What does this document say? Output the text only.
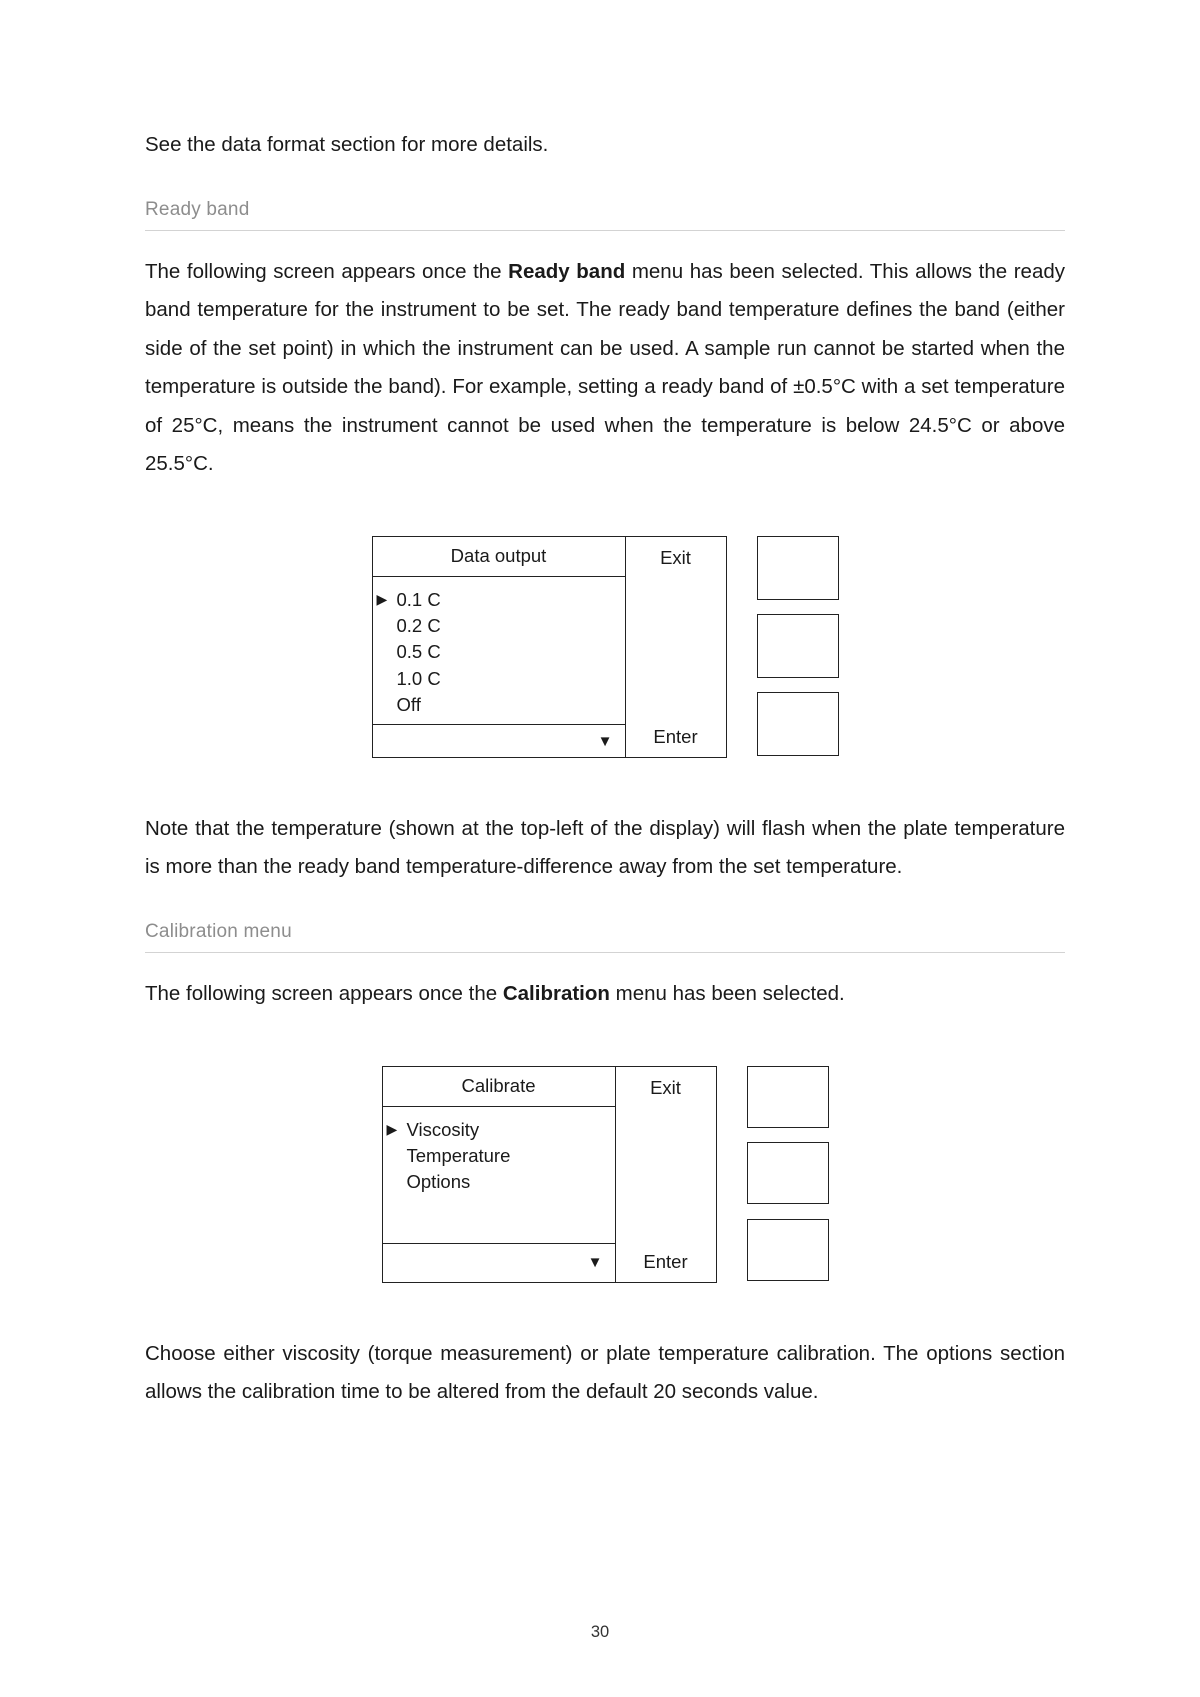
See the data format section for more details.

Ready band

The following screen appears once the Ready band menu has been selected. This allows the ready band temperature for the instrument to be set. The ready band temperature defines the band (either side of the set point) in which the instrument can be used. A sample run cannot be started when the temperature is outside the band). For example, setting a ready band of ±0.5°C with a set temperature of 25°C, means the instrument cannot be used when the temperature is below 24.5°C or above 25.5°C.

Data output
▶ 0.1 C
0.2 C
0.5 C
1.0 C
Off
▼
Exit
Enter

Note that the temperature (shown at the top-left of the display) will flash when the plate temperature is more than the ready band temperature-difference away from the set temperature.

Calibration menu

The following screen appears once the Calibration menu has been selected.

Calibrate
▶ Viscosity
Temperature
Options
▼
Exit
Enter

Choose either viscosity (torque measurement) or plate temperature calibration. The options section allows the calibration time to be altered from the default 20 seconds value.

30
